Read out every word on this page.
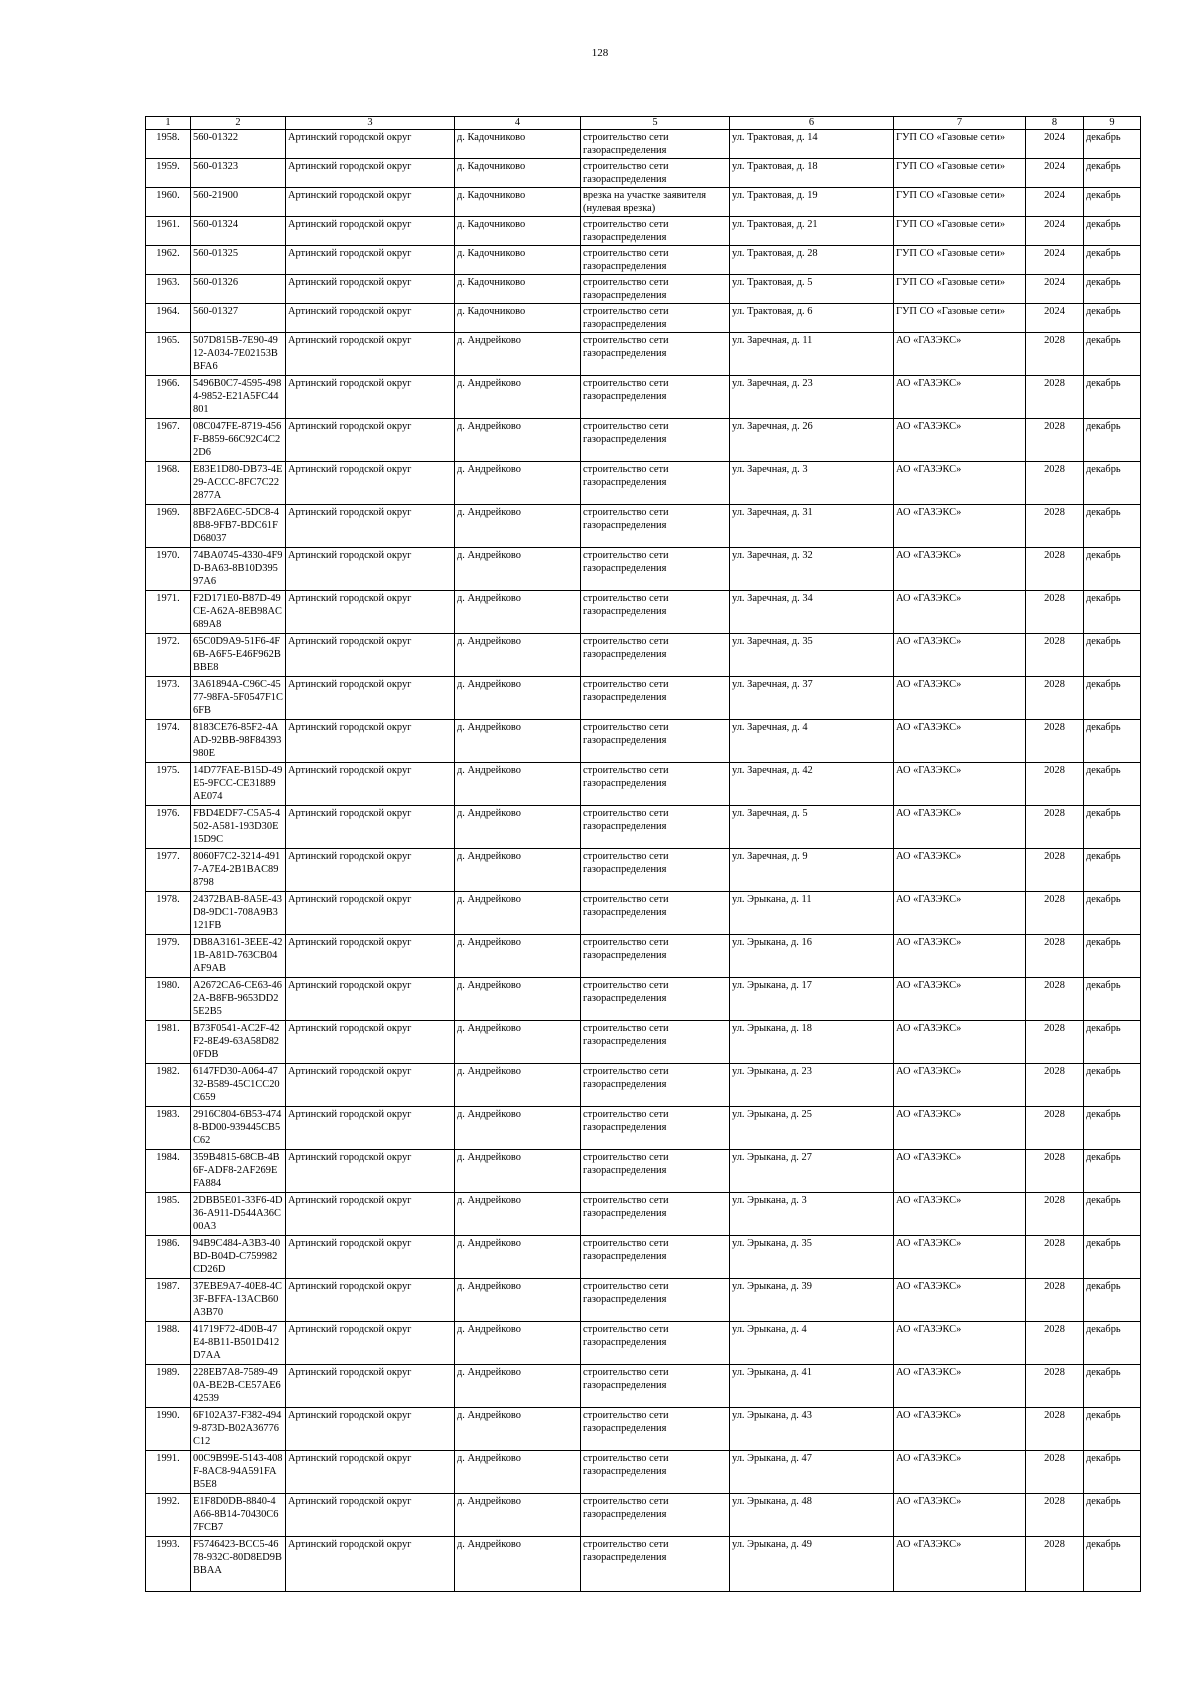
128
1	2	3	4	5	6	7	8	9
1958.	560-01322	Артинский городской округ	д. Кадочниково	строительство сети газораспределения	ул. Трактовая, д. 14	ГУП СО «Газовые сети»	2024	декабрь
1959.	560-01323	Артинский городской округ	д. Кадочниково	строительство сети газораспределения	ул. Трактовая, д. 18	ГУП СО «Газовые сети»	2024	декабрь
1960.	560-21900	Артинский городской округ	д. Кадочниково	врезка на участке заявителя (нулевая врезка)	ул. Трактовая, д. 19	ГУП СО «Газовые сети»	2024	декабрь
1961.	560-01324	Артинский городской округ	д. Кадочниково	строительство сети газораспределения	ул. Трактовая, д. 21	ГУП СО «Газовые сети»	2024	декабрь
1962.	560-01325	Артинский городской округ	д. Кадочниково	строительство сети газораспределения	ул. Трактовая, д. 28	ГУП СО «Газовые сети»	2024	декабрь
1963.	560-01326	Артинский городской округ	д. Кадочниково	строительство сети газораспределения	ул. Трактовая, д. 5	ГУП СО «Газовые сети»	2024	декабрь
1964.	560-01327	Артинский городской округ	д. Кадочниково	строительство сети газораспределения	ул. Трактовая, д. 6	ГУП СО «Газовые сети»	2024	декабрь
1965.	507D815B-7E90-4912-A034-7E02153BBFA6	Артинский городской округ	д. Андрейково	строительство сети газораспределения	ул. Заречная, д. 11	АО «ГАЗЭКС»	2028	декабрь
1966.	5496B0C7-4595-4984-9852-E21A5FC44801	Артинский городской округ	д. Андрейково	строительство сети газораспределения	ул. Заречная, д. 23	АО «ГАЗЭКС»	2028	декабрь
1967.	08C047FE-8719-456F-B859-66C92C4C22D6	Артинский городской округ	д. Андрейково	строительство сети газораспределения	ул. Заречная, д. 26	АО «ГАЗЭКС»	2028	декабрь
1968.	E83E1D80-DB73-4E29-ACCC-8FC7C222877A	Артинский городской округ	д. Андрейково	строительство сети газораспределения	ул. Заречная, д. 3	АО «ГАЗЭКС»	2028	декабрь
1969.	8BF2A6EC-5DC8-48B8-9FB7-BDC61FD68037	Артинский городской округ	д. Андрейково	строительство сети газораспределения	ул. Заречная, д. 31	АО «ГАЗЭКС»	2028	декабрь
1970.	74BA0745-4330-4F9D-BA63-8B10D39597A6	Артинский городской округ	д. Андрейково	строительство сети газораспределения	ул. Заречная, д. 32	АО «ГАЗЭКС»	2028	декабрь
1971.	F2D171E0-B87D-49CE-A62A-8EB98AC689A8	Артинский городской округ	д. Андрейково	строительство сети газораспределения	ул. Заречная, д. 34	АО «ГАЗЭКС»	2028	декабрь
1972.	65C0D9A9-51F6-4F6B-A6F5-E46F962BBBE8	Артинский городской округ	д. Андрейково	строительство сети газораспределения	ул. Заречная, д. 35	АО «ГАЗЭКС»	2028	декабрь
1973.	3A61894A-C96C-4577-98FA-5F0547F1C6FB	Артинский городской округ	д. Андрейково	строительство сети газораспределения	ул. Заречная, д. 37	АО «ГАЗЭКС»	2028	декабрь
1974.	8183CE76-85F2-4AAD-92BB-98F84393980E	Артинский городской округ	д. Андрейково	строительство сети газораспределения	ул. Заречная, д. 4	АО «ГАЗЭКС»	2028	декабрь
1975.	14D77FAE-B15D-49E5-9FCC-CE31889AE074	Артинский городской округ	д. Андрейково	строительство сети газораспределения	ул. Заречная, д. 42	АО «ГАЗЭКС»	2028	декабрь
1976.	FBD4EDF7-C5A5-4502-A581-193D30E15D9C	Артинский городской округ	д. Андрейково	строительство сети газораспределения	ул. Заречная, д. 5	АО «ГАЗЭКС»	2028	декабрь
1977.	8060F7C2-3214-4917-A7E4-2B1BAC898798	Артинский городской округ	д. Андрейково	строительство сети газораспределения	ул. Заречная, д. 9	АО «ГАЗЭКС»	2028	декабрь
1978.	24372BAB-8A5E-43D8-9DC1-708A9B3121FB	Артинский городской округ	д. Андрейково	строительство сети газораспределения	ул. Эрыкана, д. 11	АО «ГАЗЭКС»	2028	декабрь
1979.	DB8A3161-3EEE-421B-A81D-763CB04AF9AB	Артинский городской округ	д. Андрейково	строительство сети газораспределения	ул. Эрыкана, д. 16	АО «ГАЗЭКС»	2028	декабрь
1980.	A2672CA6-CE63-462A-B8FB-9653DD25E2B5	Артинский городской округ	д. Андрейково	строительство сети газораспределения	ул. Эрыкана, д. 17	АО «ГАЗЭКС»	2028	декабрь
1981.	B73F0541-AC2F-42F2-8E49-63A58D820FDB	Артинский городской округ	д. Андрейково	строительство сети газораспределения	ул. Эрыкана, д. 18	АО «ГАЗЭКС»	2028	декабрь
1982.	6147FD30-A064-4732-B589-45C1CC20C659	Артинский городской округ	д. Андрейково	строительство сети газораспределения	ул. Эрыкана, д. 23	АО «ГАЗЭКС»	2028	декабрь
1983.	2916C804-6B53-4748-BD00-939445CB5C62	Артинский городской округ	д. Андрейково	строительство сети газораспределения	ул. Эрыкана, д. 25	АО «ГАЗЭКС»	2028	декабрь
1984.	359B4815-68CB-4B6F-ADF8-2AF269EFA884	Артинский городской округ	д. Андрейково	строительство сети газораспределения	ул. Эрыкана, д. 27	АО «ГАЗЭКС»	2028	декабрь
1985.	2DBB5E01-33F6-4D36-A911-D544A36C00A3	Артинский городской округ	д. Андрейково	строительство сети газораспределения	ул. Эрыкана, д. 3	АО «ГАЗЭКС»	2028	декабрь
1986.	94B9C484-A3B3-40BD-B04D-C759982CD26D	Артинский городской округ	д. Андрейково	строительство сети газораспределения	ул. Эрыкана, д. 35	АО «ГАЗЭКС»	2028	декабрь
1987.	37EBE9A7-40E8-4C3F-BFFA-13ACB60A3B70	Артинский городской округ	д. Андрейково	строительство сети газораспределения	ул. Эрыкана, д. 39	АО «ГАЗЭКС»	2028	декабрь
1988.	41719F72-4D0B-47E4-8B11-B501D412D7AA	Артинский городской округ	д. Андрейково	строительство сети газораспределения	ул. Эрыкана, д. 4	АО «ГАЗЭКС»	2028	декабрь
1989.	228EB7A8-7589-490A-BE2B-CE57AE642539	Артинский городской округ	д. Андрейково	строительство сети газораспределения	ул. Эрыкана, д. 41	АО «ГАЗЭКС»	2028	декабрь
1990.	6F102A37-F382-4949-873D-B02A36776C12	Артинский городской округ	д. Андрейково	строительство сети газораспределения	ул. Эрыкана, д. 43	АО «ГАЗЭКС»	2028	декабрь
1991.	00C9B99E-5143-408F-8AC8-94A591FAB5E8	Артинский городской округ	д. Андрейково	строительство сети газораспределения	ул. Эрыкана, д. 47	АО «ГАЗЭКС»	2028	декабрь
1992.	E1F8D0DB-8840-4A66-8B14-70430C67FCB7	Артинский городской округ	д. Андрейково	строительство сети газораспределения	ул. Эрыкана, д. 48	АО «ГАЗЭКС»	2028	декабрь
1993.	F5746423-BCC5-4678-932C-80D8ED9BBBAA	Артинский городской округ	д. Андрейково	строительство сети газораспределения	ул. Эрыкана, д. 49	АО «ГАЗЭКС»	2028	декабрь
